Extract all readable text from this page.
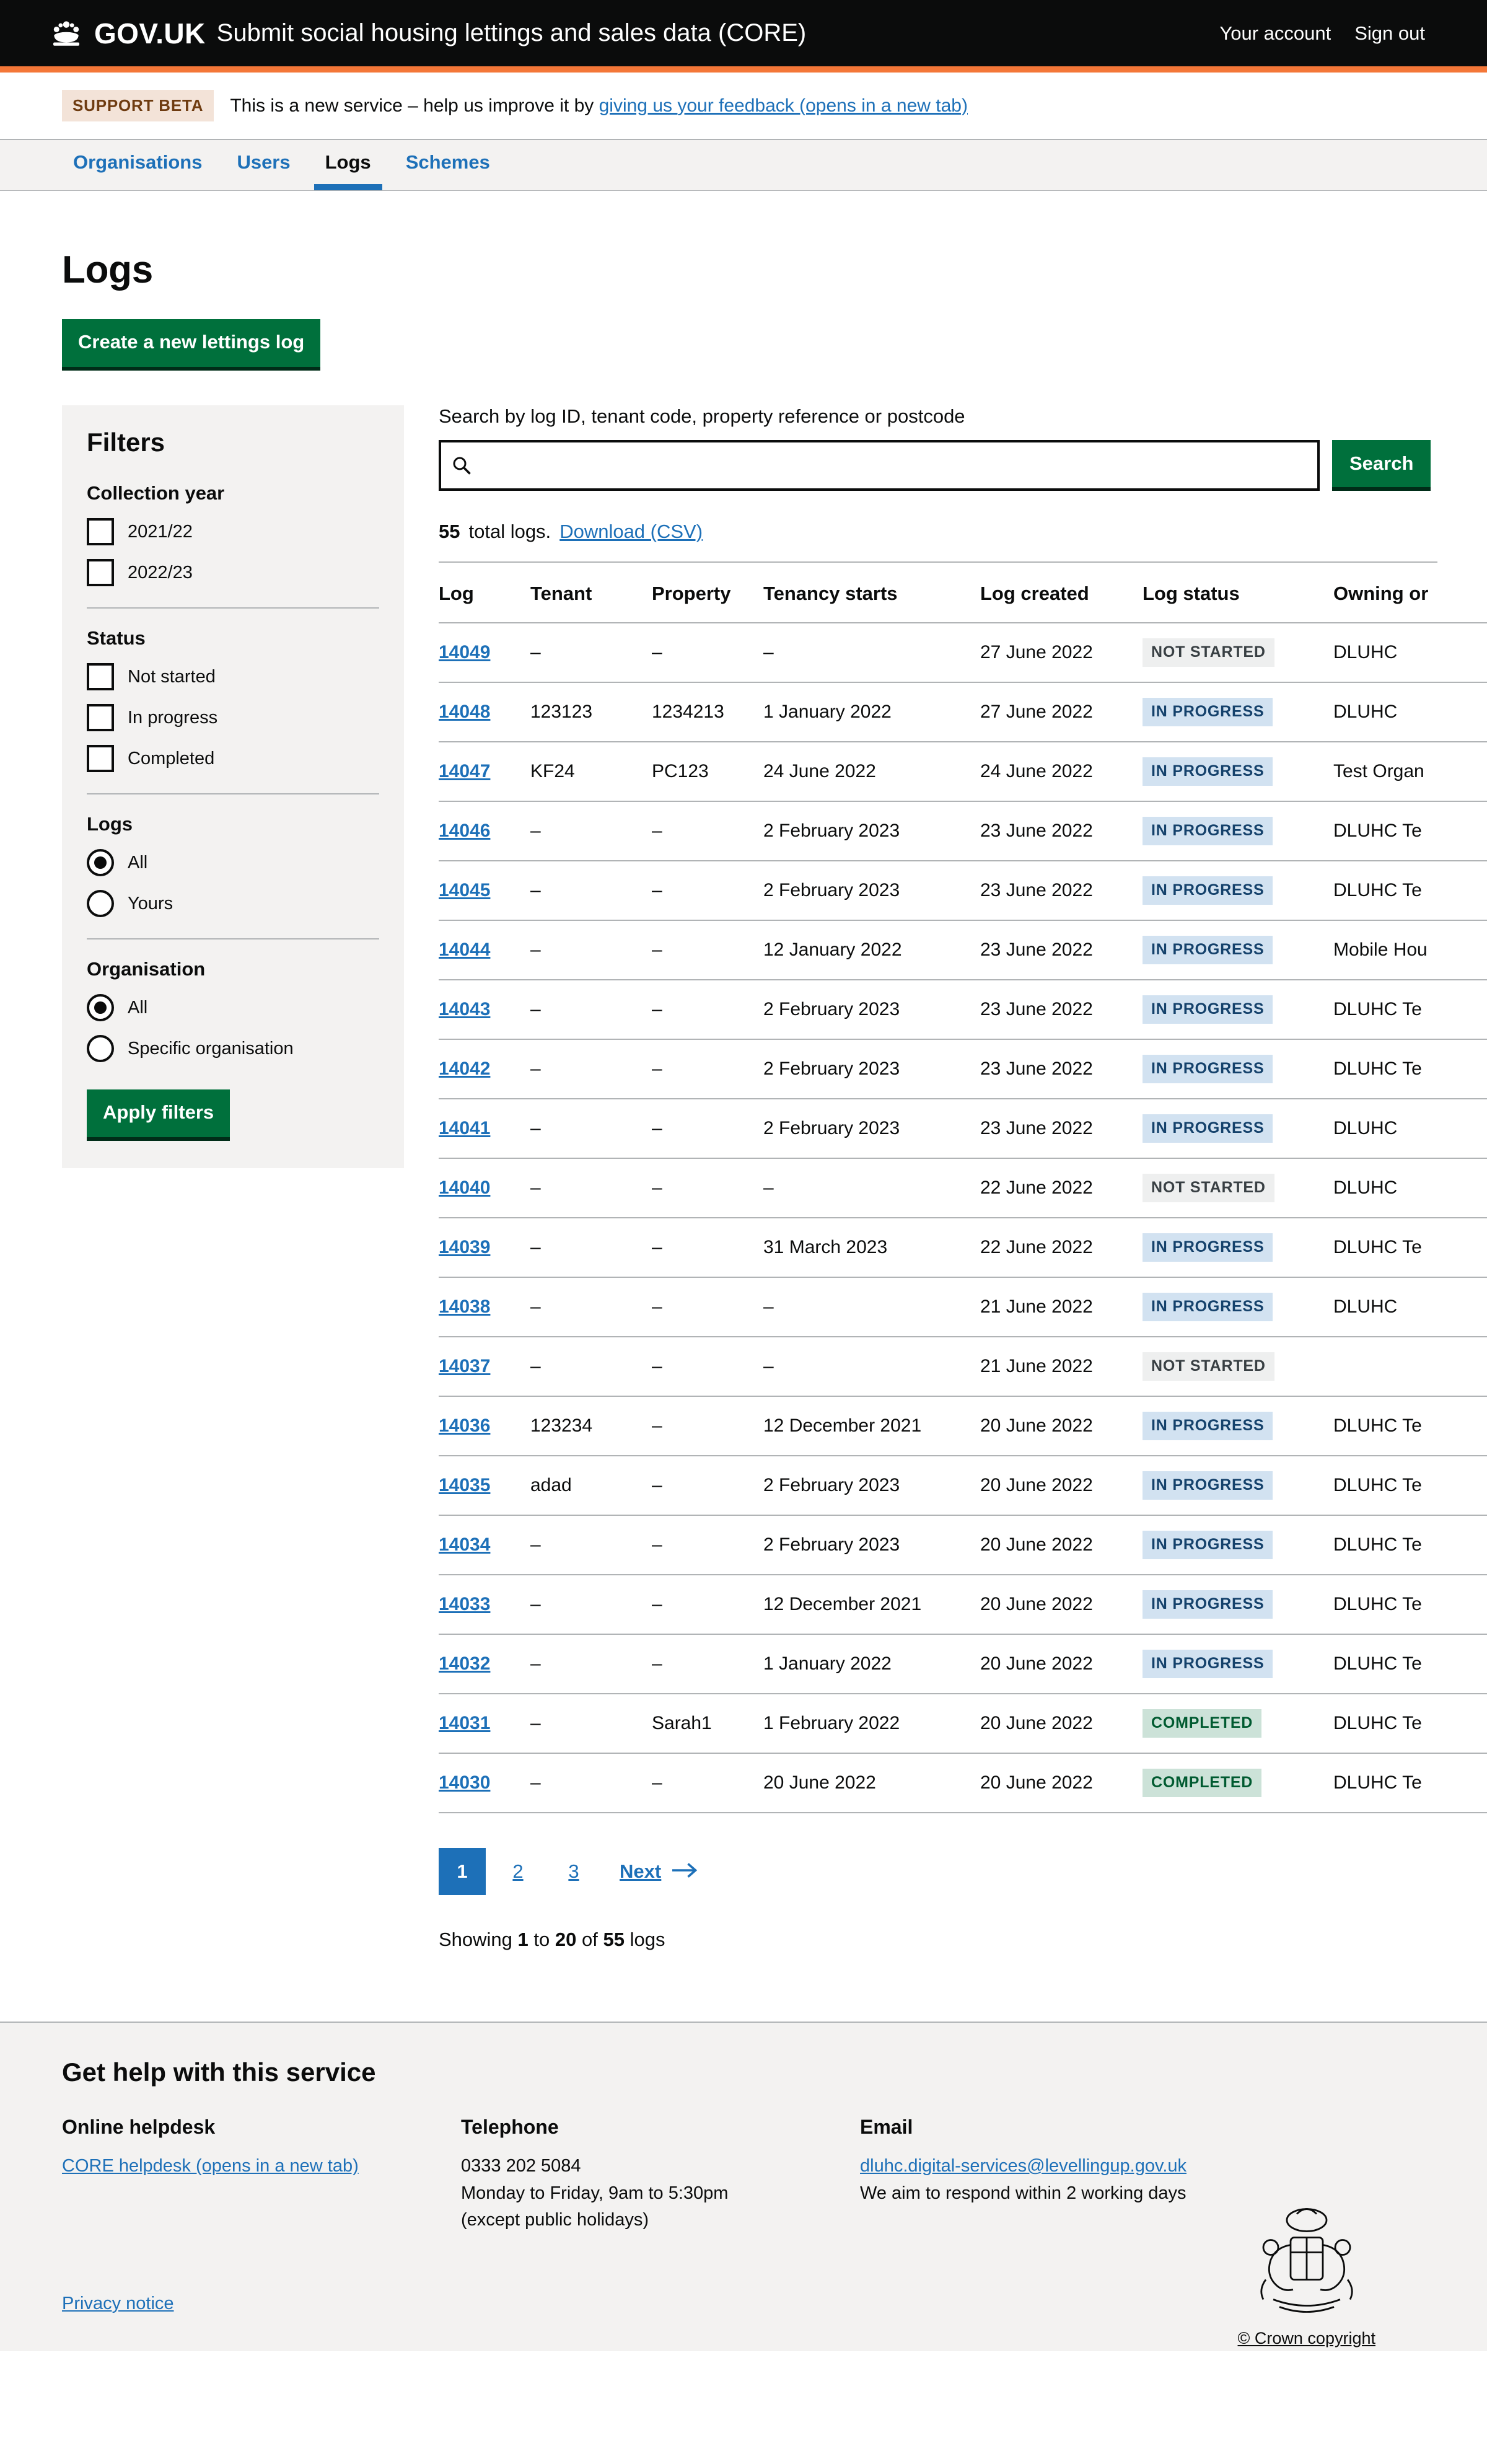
GOV.UK Submit social housing lettings and sales data (CORE)	Your account Sign out
SUPPORT BETA	This is a new service – help us improve it by giving us your feedback (opens in a new tab)
Organisations	Users	Logs	Schemes
Logs
Create a new lettings log
Filters
Collection year
2021/22
2022/23
Status
Not started
In progress
Completed
Logs
All
Yours
Organisation
All
Specific organisation
Apply filters
Search by log ID, tenant code, property reference or postcode
Search
55 total logs. Download (CSV)
Log	Tenant	Property	Tenancy starts	Log created	Log status	Owning or
14049	–	–	–	27 June 2022	NOT STARTED	DLUHC
14048	123123	1234213	1 January 2022	27 June 2022	IN PROGRESS	DLUHC
14047	KF24	PC123	24 June 2022	24 June 2022	IN PROGRESS	Test Organ
14046	–	–	2 February 2023	23 June 2022	IN PROGRESS	DLUHC Te
14045	–	–	2 February 2023	23 June 2022	IN PROGRESS	DLUHC Te
14044	–	–	12 January 2022	23 June 2022	IN PROGRESS	Mobile Hou
14043	–	–	2 February 2023	23 June 2022	IN PROGRESS	DLUHC Te
14042	–	–	2 February 2023	23 June 2022	IN PROGRESS	DLUHC Te
14041	–	–	2 February 2023	23 June 2022	IN PROGRESS	DLUHC
14040	–	–	–	22 June 2022	NOT STARTED	DLUHC
14039	–	–	31 March 2023	22 June 2022	IN PROGRESS	DLUHC Te
14038	–	–	–	21 June 2022	IN PROGRESS	DLUHC
14037	–	–	–	21 June 2022	NOT STARTED	
14036	123234	–	12 December 2021	20 June 2022	IN PROGRESS	DLUHC Te
14035	adad	–	2 February 2023	20 June 2022	IN PROGRESS	DLUHC Te
14034	–	–	2 February 2023	20 June 2022	IN PROGRESS	DLUHC Te
14033	–	–	12 December 2021	20 June 2022	IN PROGRESS	DLUHC Te
14032	–	–	1 January 2022	20 June 2022	IN PROGRESS	DLUHC Te
14031	–	Sarah1	1 February 2022	20 June 2022	COMPLETED	DLUHC Te
14030	–	–	20 June 2022	20 June 2022	COMPLETED	DLUHC Te
1	2	3	Next
Showing 1 to 20 of 55 logs
Get help with this service
Online helpdesk
CORE helpdesk (opens in a new tab)
Telephone
0333 202 5084
Monday to Friday, 9am to 5:30pm
(except public holidays)
Email
dluhc.digital-services@levellingup.gov.uk
We aim to respond within 2 working days
© Crown copyright
Privacy notice
